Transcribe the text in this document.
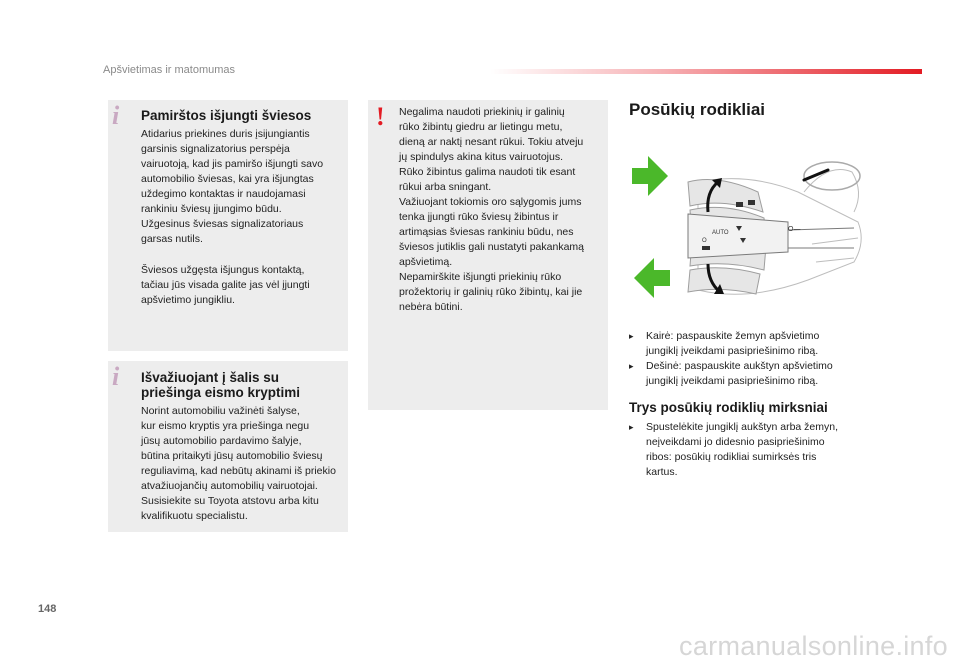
Apšvietimas ir matomumas
i Pamirštos išjungti šviesos
Atidarius priekines duris įsijungiantis
garsinis signalizatorius perspėja
vairuotoją, kad jis pamiršo išjungti savo
automobilio šviesas, kai yra išjungtas
uždegimo kontaktas ir naudojamasi
rankiniu šviesų įjungimo būdu.
Užgesinus šviesas signalizatoriaus
garsas nutils.
Šviesos užgęsta išjungus kontaktą,
tačiau jūs visada galite jas vėl įjungti
apšvietimo jungikliu.
i Išvažiuojant į šalis su
priešinga eismo kryptimi
Norint automobiliu važinėti šalyse,
kur eismo kryptis yra priešinga negu
jūsų automobilio pardavimo šalyje,
būtina pritaikyti jūsų automobilio šviesų
reguliavimą, kad nebūtų akinami iš priekio
atvažiuojančių automobilių vairuotojai.
Susisiekite su Toyota atstovu arba kitu
kvalifikuotu specialistu.
! Negalima naudoti priekinių ir galinių
rūko žibintų giedru ar lietingu metu,
dieną ar naktį nesant rūkui. Tokiu atveju
jų spindulys akina kitus vairuotojus.
Rūko žibintus galima naudoti tik esant
rūkui arba sningant.
Važiuojant tokiomis oro sąlygomis jums
tenka įjungti rūko šviesų žibintus ir
artimąsias šviesas rankiniu būdu, nes
šviesos jutiklis gali nustatyti pakankamą
apšvietimą.
Nepamirškite išjungti priekinių rūko
prožektorių ir galinių rūko žibintų, kai jie
nebėra būtini.
Posūkių rodikliai
AUTO
O
O—
▸	Kairė: paspauskite žemyn apšvietimo
jungiklį įveikdami pasipriešinimo ribą.
▸	Dešinė: paspauskite aukštyn apšvietimo
jungiklį įveikdami pasipriešinimo ribą.
Trys posūkių rodiklių mirksniai
▸	Spustelėkite jungiklį aukštyn arba žemyn,
neįveikdami jo didesnio pasipriešinimo
ribos: posūkių rodikliai sumirksės tris
kartus.
148
carmanualsonline.info
